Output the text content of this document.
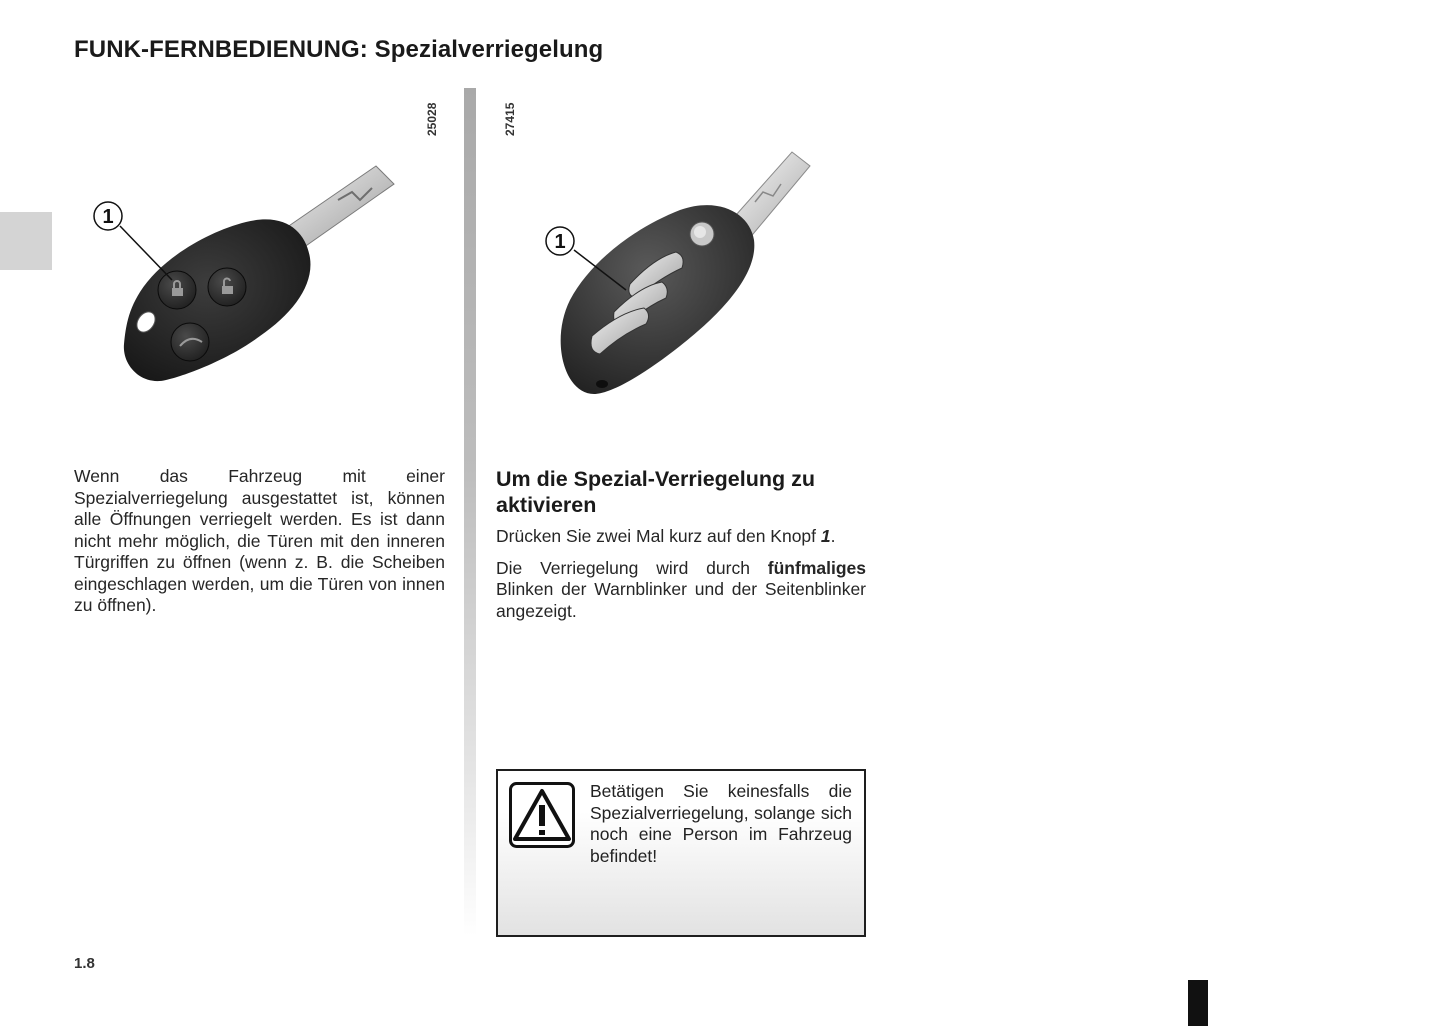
FUNK-FERNBEDIENUNG: Spezialverriegelung
25028	27415
1
1

Wenn das Fahrzeug mit einer Spezialverriegelung ausgestattet ist, können alle Öffnungen verriegelt werden. Es ist dann nicht mehr möglich, die Türen mit den inneren Türgriffen zu öffnen (wenn z. B. die Scheiben eingeschlagen werden, um die Türen von innen zu öffnen).

Um die Spezial-Verriegelung zu aktivieren

Drücken Sie zwei Mal kurz auf den Knopf 1.

Die Verriegelung wird durch fünfmaliges Blinken der Warnblinker und der Seitenblinker angezeigt.

Betätigen Sie keinesfalls die Spezialverriegelung, solange sich noch eine Person im Fahrzeug befindet!
1.8
